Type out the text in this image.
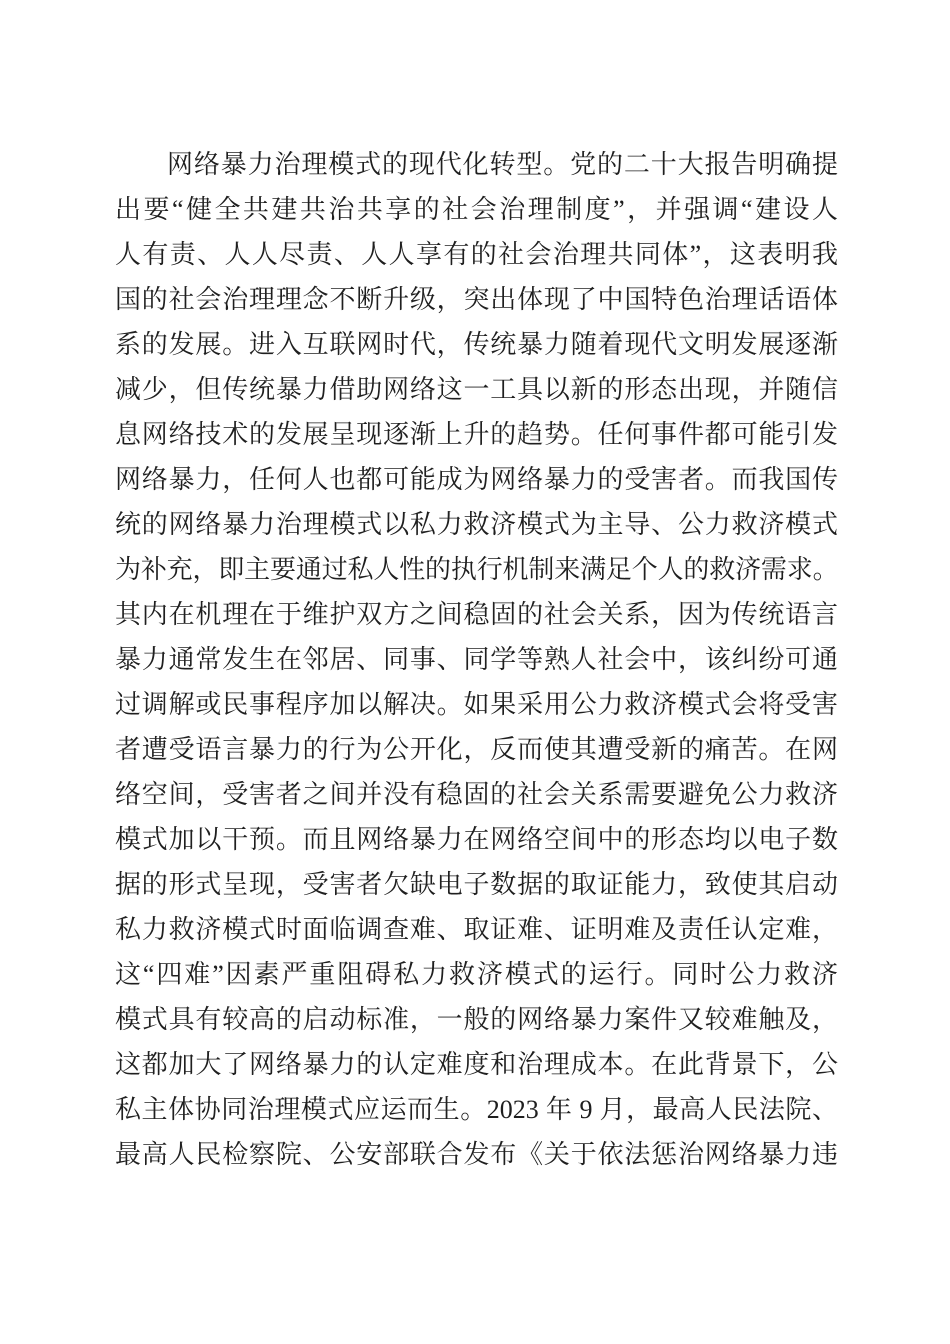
网络暴力治理模式的现代化转型。党的二十大报告明确提
出要“健全共建共治共享的社会治理制度”，并强调“建设人
人有责、人人尽责、人人享有的社会治理共同体”，这表明我
国的社会治理理念不断升级，突出体现了中国特色治理话语体
系的发展。进入互联网时代，传统暴力随着现代文明发展逐渐
减少，但传统暴力借助网络这一工具以新的形态出现，并随信
息网络技术的发展呈现逐渐上升的趋势。任何事件都可能引发
网络暴力，任何人也都可能成为网络暴力的受害者。而我国传
统的网络暴力治理模式以私力救济模式为主导、公力救济模式
为补充，即主要通过私人性的执行机制来满足个人的救济需求。
其内在机理在于维护双方之间稳固的社会关系，因为传统语言
暴力通常发生在邻居、同事、同学等熟人社会中，该纠纷可通
过调解或民事程序加以解决。如果采用公力救济模式会将受害
者遭受语言暴力的行为公开化，反而使其遭受新的痛苦。在网
络空间，受害者之间并没有稳固的社会关系需要避免公力救济
模式加以干预。而且网络暴力在网络空间中的形态均以电子数
据的形式呈现，受害者欠缺电子数据的取证能力，致使其启动
私力救济模式时面临调查难、取证难、证明难及责任认定难，
这“四难”因素严重阻碍私力救济模式的运行。同时公力救济
模式具有较高的启动标准，一般的网络暴力案件又较难触及，
这都加大了网络暴力的认定难度和治理成本。在此背景下，公
私主体协同治理模式应运而生。2023 年 9 月，最高人民法院、
最高人民检察院、公安部联合发布《关于依法惩治网络暴力违
